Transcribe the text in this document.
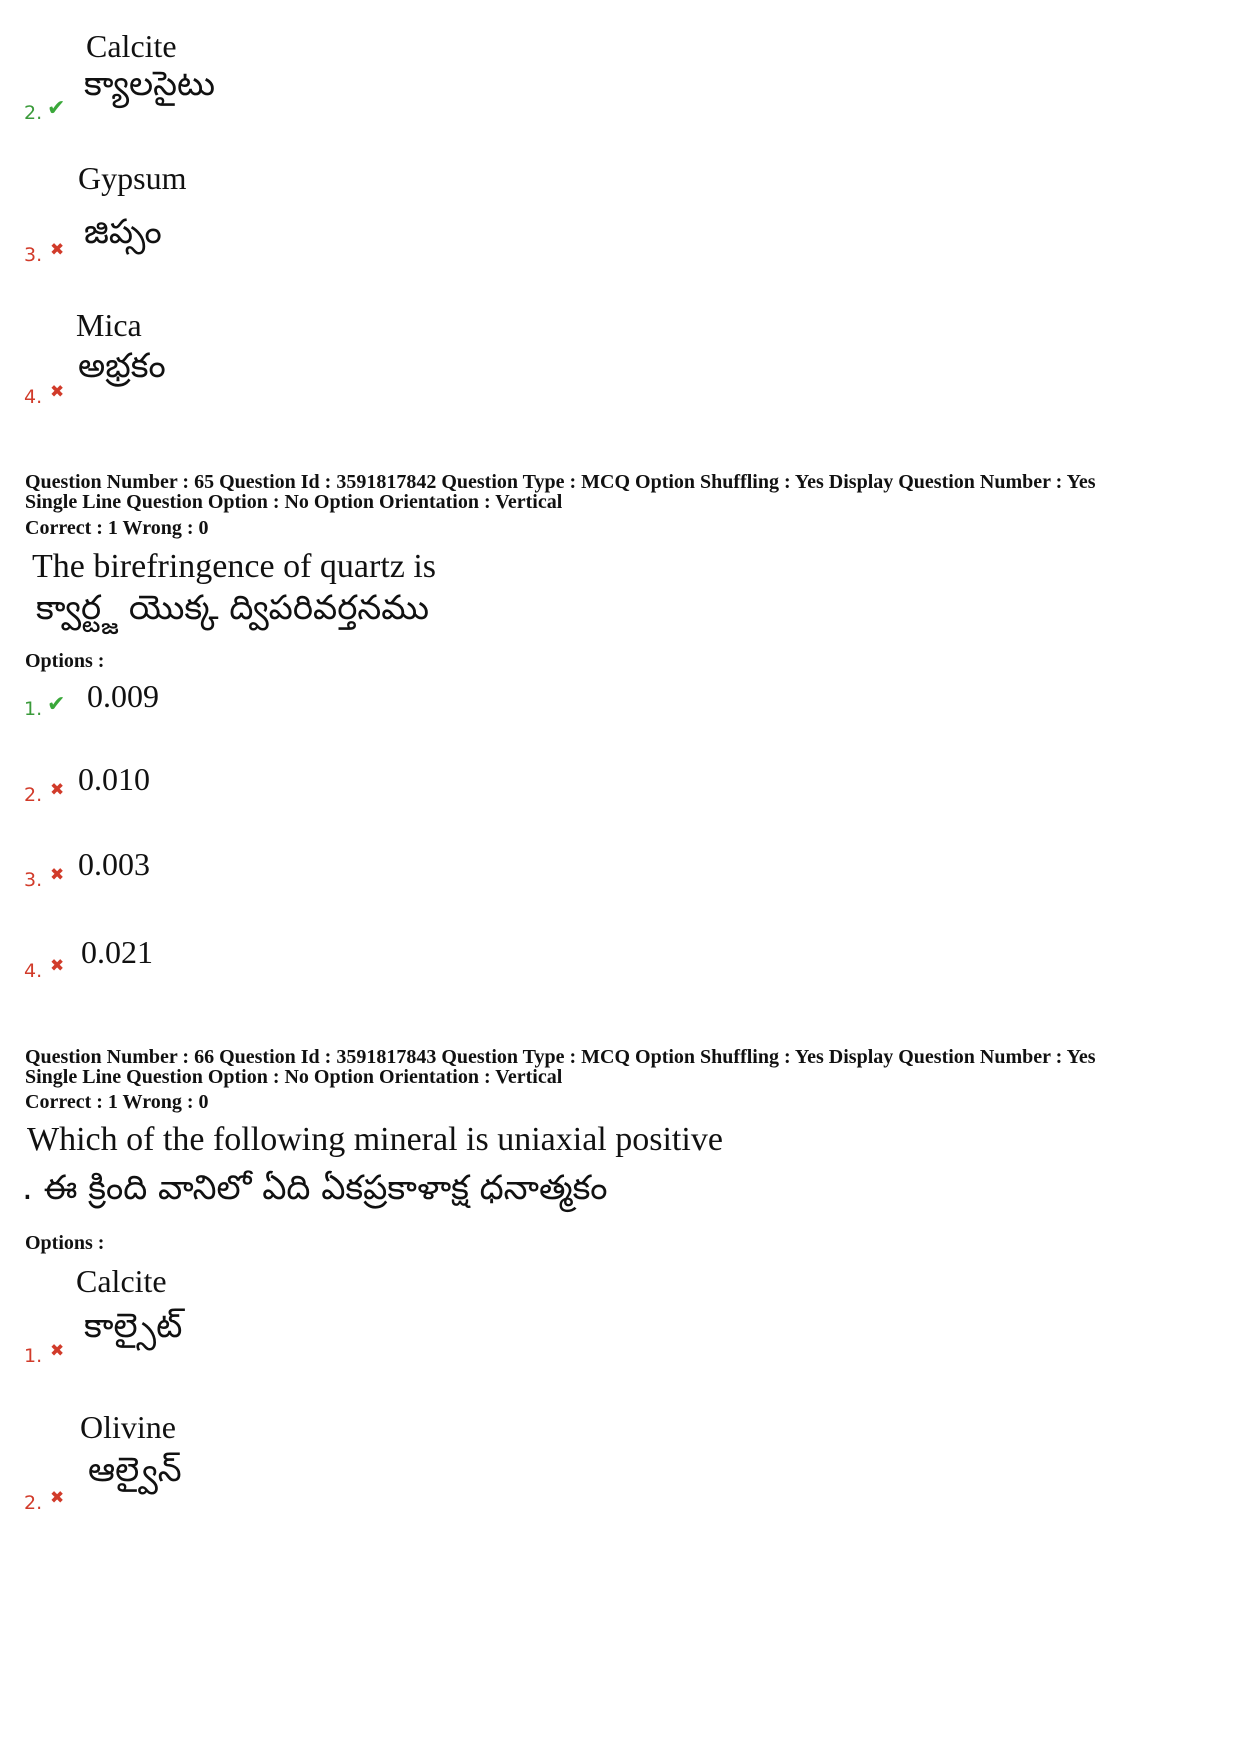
Calcite
క్యాలసైటు
2. ✔
Gypsum
జిప్సం
3. ✖
Mica
అభ్రకం
4. ✖
Question Number : 65 Question Id : 3591817842 Question Type : MCQ Option Shuffling : Yes Display Question Number : Yes
Single Line Question Option : No Option Orientation : Vertical
Correct : 1 Wrong : 0
The birefringence of quartz is
క్వార్ట్జ యొక్క ద్విపరివర్తనము
Options :
1. ✔ 0.009
2. ✖ 0.010
3. ✖ 0.003
4. ✖ 0.021
Question Number : 66 Question Id : 3591817843 Question Type : MCQ Option Shuffling : Yes Display Question Number : Yes
Single Line Question Option : No Option Orientation : Vertical
Correct : 1 Wrong : 0
Which of the following mineral is uniaxial positive
. ఈ క్రింది వానిలో ఏది ఏకప్రకాళాక్ష ధనాత్మకం
Options :
Calcite
కాల్సైట్
1. ✖
Olivine
ఆల్వైన్
2. ✖
